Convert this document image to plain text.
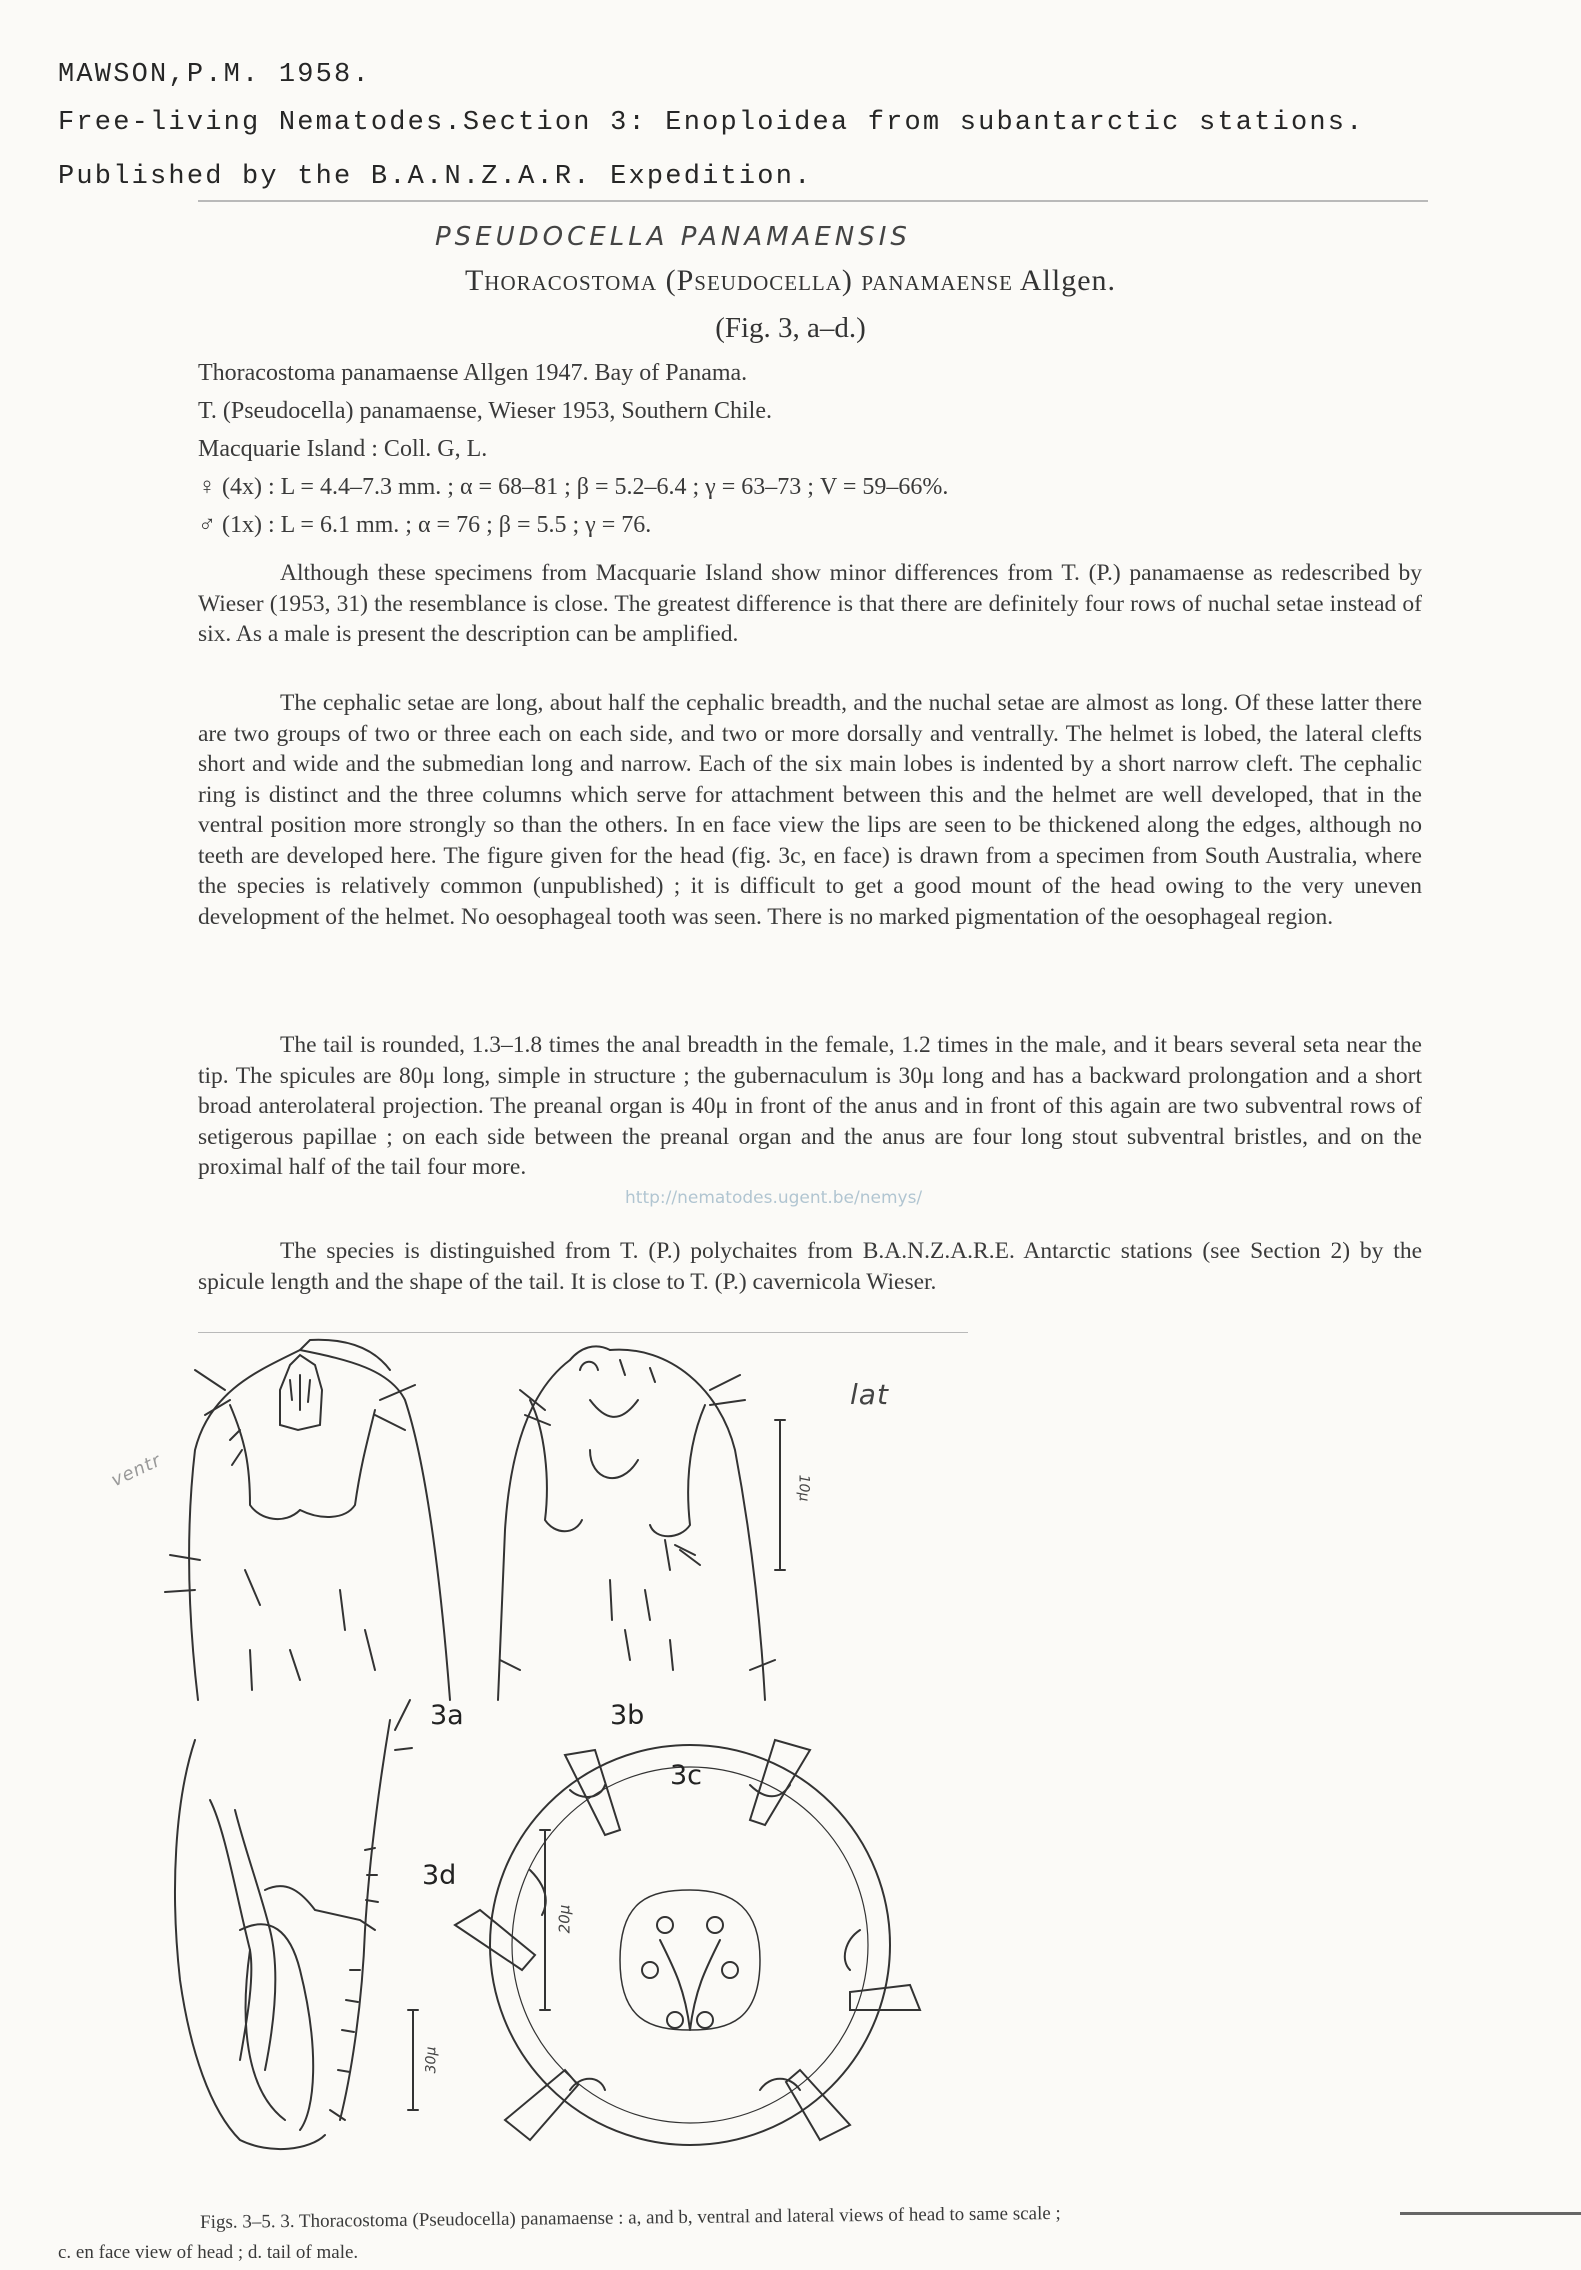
MAWSON,P.M. 1958.
Free-living Nematodes.Section 3: Enoploidea from subantarctic stations.
Published by the B.A.N.Z.A.R. Expedition.
PSEUDOCELLA PANAMAENSIS
Thoracostoma (Pseudocella) panamaense Allgen.
(Fig. 3, a–d.)
Thoracostoma panamaense Allgen 1947. Bay of Panama.
T. (Pseudocella) panamaense, Wieser 1953, Southern Chile.
Macquarie Island : Coll. G, L.
♀ (4x) : L = 4.4–7.3 mm. ; α = 68–81 ; β = 5.2–6.4 ; γ = 63–73 ; V = 59–66%.
♂ (1x) : L = 6.1 mm. ; α = 76 ; β = 5.5 ; γ = 76.

Although these specimens from Macquarie Island show minor differences from T. (P.) panamaense as redescribed by Wieser (1953, 31) the resemblance is close. The greatest difference is that there are definitely four rows of nuchal setae instead of six. As a male is present the description can be amplified.

The cephalic setae are long, about half the cephalic breadth, and the nuchal setae are almost as long. Of these latter there are two groups of two or three each on each side, and two or more dorsally and ventrally. The helmet is lobed, the lateral clefts short and wide and the submedian long and narrow. Each of the six main lobes is indented by a short narrow cleft. The cephalic ring is distinct and the three columns which serve for attachment between this and the helmet are well developed, that in the ventral position more strongly so than the others. In en face view the lips are seen to be thickened along the edges, although no teeth are developed here. The figure given for the head (fig. 3c, en face) is drawn from a specimen from South Australia, where the species is relatively common (unpublished) ; it is difficult to get a good mount of the head owing to the very uneven development of the helmet. No oesophageal tooth was seen. There is no marked pigmentation of the oesophageal region.

The tail is rounded, 1.3–1.8 times the anal breadth in the female, 1.2 times in the male, and it bears several seta near the tip. The spicules are 80μ long, simple in structure ; the gubernaculum is 30μ long and has a backward prolongation and a short broad anterolateral projection. The preanal organ is 40μ in front of the anus and in front of this again are two subventral rows of setigerous papillae ; on each side between the preanal organ and the anus are four long stout subventral bristles, and on the proximal half of the tail four more.

The species is distinguished from T. (P.) polychaites from B.A.N.Z.A.R.E. Antarctic stations (see Section 2) by the spicule length and the shape of the tail. It is close to T. (P.) cavernicola Wieser.

http://nematodes.ugent.be/nemys/
3a	3b
3c
3d
lat
ventr	10μ
20μ
30μ
Figs. 3–5. 3. Thoracostoma (Pseudocella) panamaense : a, and b, ventral and lateral views of head to same scale ;
c. en face view of head ; d. tail of male.
